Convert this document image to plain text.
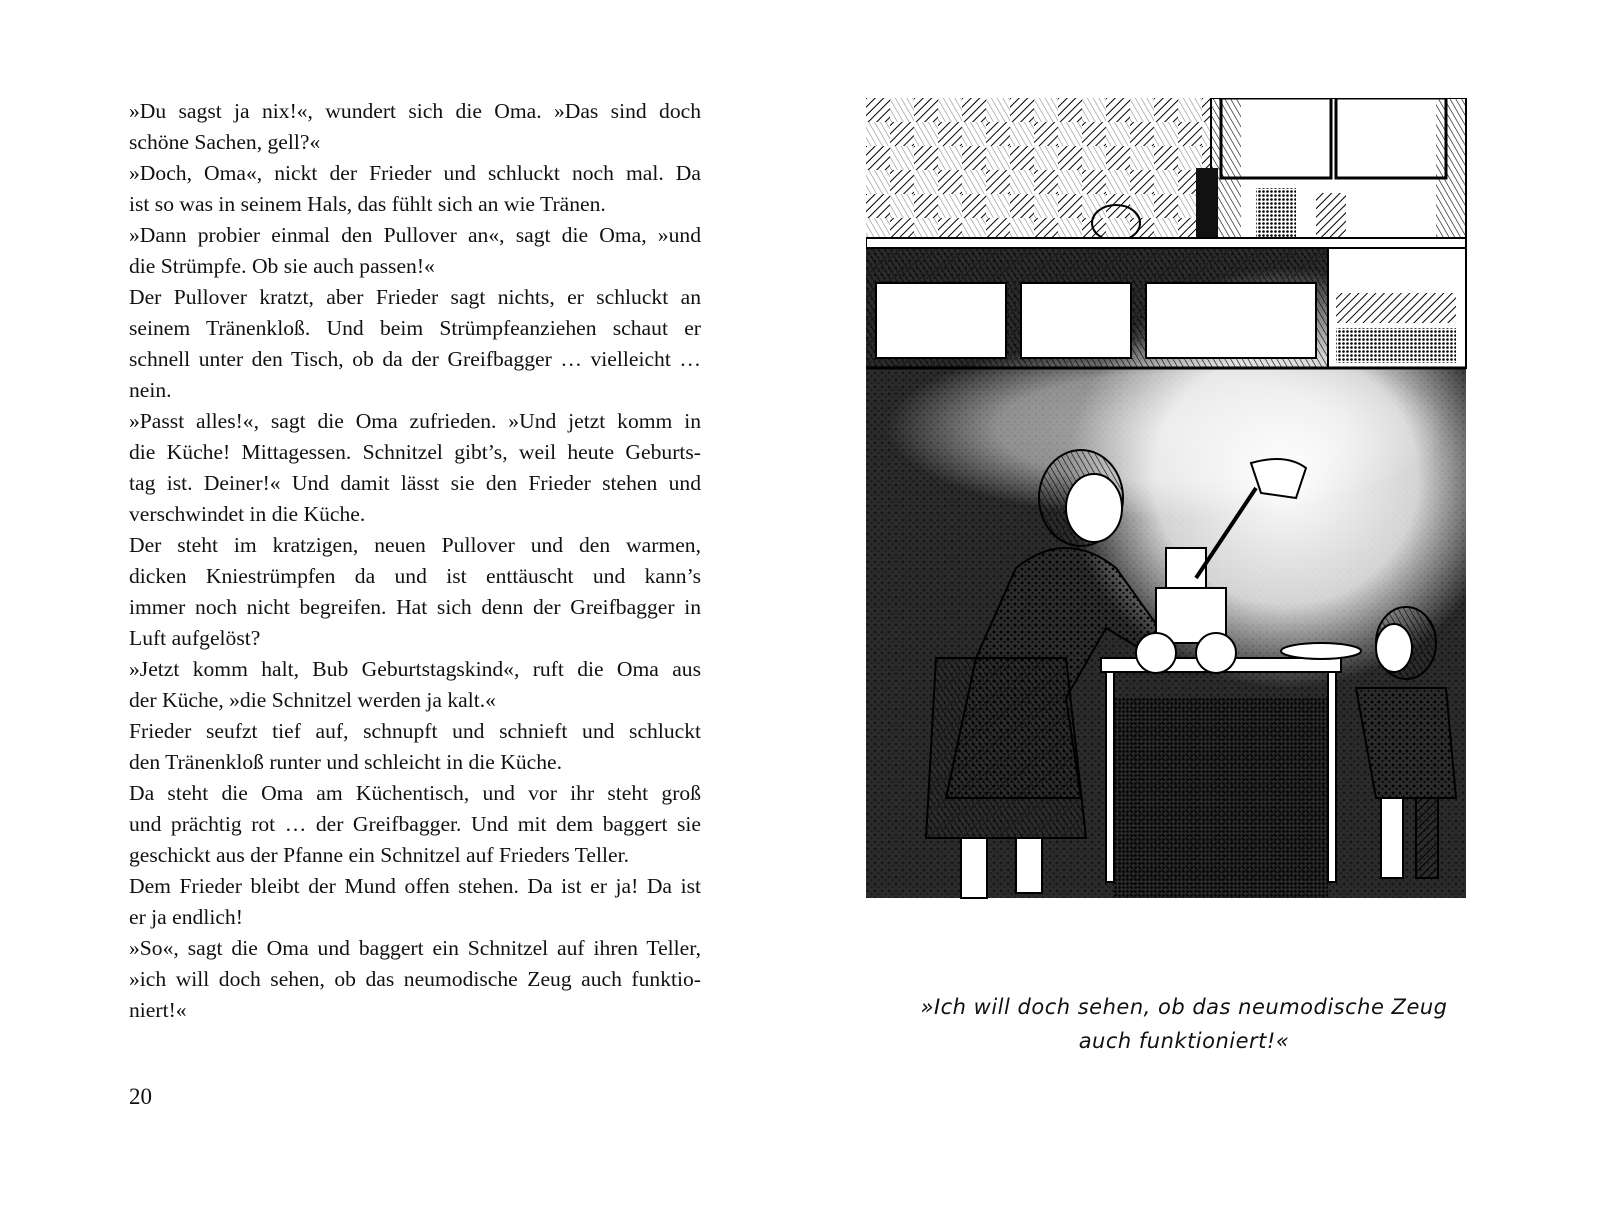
»Du sagst ja nix!«, wundert sich die Oma. »Das sind doch
schöne Sachen, gell?«
»Doch, Oma«, nickt der Frieder und schluckt noch mal. Da
ist so was in seinem Hals, das fühlt sich an wie Tränen.
»Dann probier einmal den Pullover an«, sagt die Oma, »und
die Strümpfe. Ob sie auch passen!«
Der Pullover kratzt, aber Frieder sagt nichts, er schluckt an
seinem Tränenkloß. Und beim Strümpfeanziehen schaut er
schnell unter den Tisch, ob da der Greifbagger … vielleicht …
nein.
»Passt alles!«, sagt die Oma zufrieden. »Und jetzt komm in
die Küche! Mittagessen. Schnitzel gibt’s, weil heute Geburts-
tag ist. Deiner!« Und damit lässt sie den Frieder stehen und
verschwindet in die Küche.
Der steht im kratzigen, neuen Pullover und den warmen,
dicken Kniestrümpfen da und ist enttäuscht und kann’s
immer noch nicht begreifen. Hat sich denn der Greifbagger in
Luft aufgelöst?
»Jetzt komm halt, Bub Geburtstagskind«, ruft die Oma aus
der Küche, »die Schnitzel werden ja kalt.«
Frieder seufzt tief auf, schnupft und schnieft und schluckt
den Tränenkloß runter und schleicht in die Küche.
Da steht die Oma am Küchentisch, und vor ihr steht groß
und prächtig rot … der Greifbagger. Und mit dem baggert sie
geschickt aus der Pfanne ein Schnitzel auf Frieders Teller.
Dem Frieder bleibt der Mund offen stehen. Da ist er ja! Da ist
er ja endlich!
»So«, sagt die Oma und baggert ein Schnitzel auf ihren Teller,
»ich will doch sehen, ob das neumodische Zeug auch funktio-
niert!«
20
»Ich will doch sehen, ob das neumodische Zeug
auch funktioniert!«
